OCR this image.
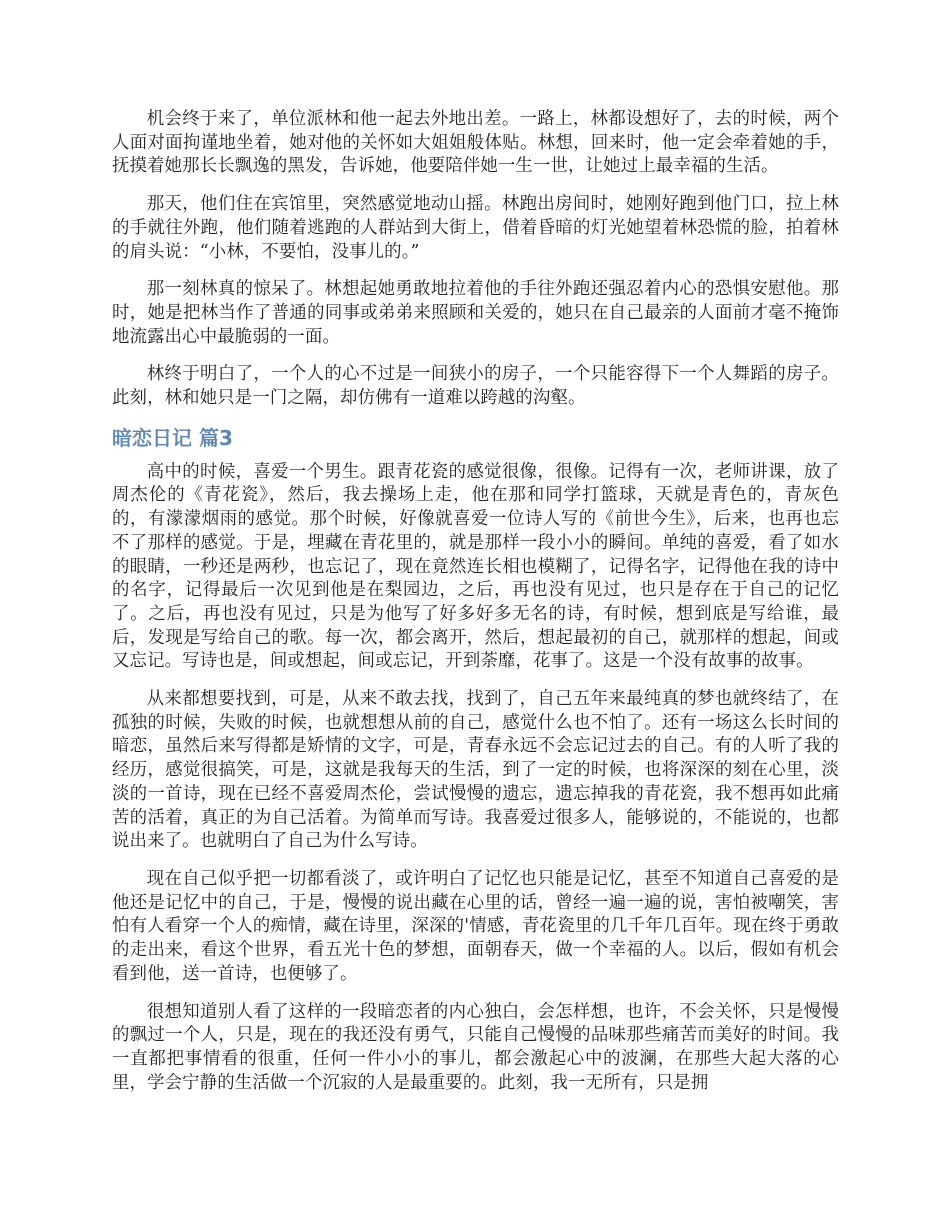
机会终于来了，单位派林和他一起去外地出差。一路上，林都设想好了，去的时候，两个人面对面拘谨地坐着，她对他的关怀如大姐姐般体贴。林想，回来时，他一定会牵着她的手，抚摸着她那长长飘逸的黑发，告诉她，他要陪伴她一生一世，让她过上最幸福的生活。

那天，他们住在宾馆里，突然感觉地动山摇。林跑出房间时，她刚好跑到他门口，拉上林的手就往外跑，他们随着逃跑的人群站到大街上，借着昏暗的灯光她望着林恐慌的脸，拍着林的肩头说：“小林，不要怕，没事儿的。”

那一刻林真的惊呆了。林想起她勇敢地拉着他的手往外跑还强忍着内心的恐惧安慰他。那时，她是把林当作了普通的同事或弟弟来照顾和关爱的，她只在自己最亲的人面前才毫不掩饰地流露出心中最脆弱的一面。

林终于明白了，一个人的心不过是一间狭小的房子，一个只能容得下一个人舞蹈的房子。此刻，林和她只是一门之隔，却仿佛有一道难以跨越的沟壑。

暗恋日记 篇3

高中的时候，喜爱一个男生。跟青花瓷的感觉很像，很像。记得有一次，老师讲课，放了周杰伦的《青花瓷》，然后，我去操场上走，他在那和同学打篮球，天就是青色的，青灰色的，有濛濛烟雨的感觉。那个时候，好像就喜爱一位诗人写的《前世今生》，后来，也再也忘不了那样的感觉。于是，埋藏在青花里的，就是那样一段小小的瞬间。单纯的喜爱，看了如水的眼睛，一秒还是两秒，也忘记了，现在竟然连长相也模糊了，记得名字，记得他在我的诗中的名字，记得最后一次见到他是在梨园边，之后，再也没有见过，也只是存在于自己的记忆了。之后，再也没有见过，只是为他写了好多好多无名的诗，有时候，想到底是写给谁，最后，发现是写给自己的歌。每一次，都会离开，然后，想起最初的自己，就那样的想起，间或又忘记。写诗也是，间或想起，间或忘记，开到荼靡，花事了。这是一个没有故事的故事。

从来都想要找到，可是，从来不敢去找，找到了，自己五年来最纯真的梦也就终结了，在孤独的时候，失败的时候，也就想想从前的自己，感觉什么也不怕了。还有一场这么长时间的暗恋，虽然后来写得都是矫情的文字，可是，青春永远不会忘记过去的自己。有的人听了我的经历，感觉很搞笑，可是，这就是我每天的生活，到了一定的时候，也将深深的刻在心里，淡淡的一首诗，现在已经不喜爱周杰伦，尝试慢慢的遗忘，遗忘掉我的青花瓷，我不想再如此痛苦的活着，真正的为自己活着。为简单而写诗。我喜爱过很多人，能够说的，不能说的，也都说出来了。也就明白了自己为什么写诗。

现在自己似乎把一切都看淡了，或许明白了记忆也只能是记忆，甚至不知道自己喜爱的是他还是记忆中的自己，于是，慢慢的说出藏在心里的话，曾经一遍一遍的说，害怕被嘲笑，害怕有人看穿一个人的痴情，藏在诗里，深深的'情感，青花瓷里的几千年几百年。现在终于勇敢的走出来，看这个世界，看五光十色的梦想，面朝春天，做一个幸福的人。以后，假如有机会看到他，送一首诗，也便够了。

很想知道别人看了这样的一段暗恋者的内心独白，会怎样想，也许，不会关怀，只是慢慢的飘过一个人，只是，现在的我还没有勇气，只能自己慢慢的品味那些痛苦而美好的时间。我一直都把事情看的很重，任何一件小小的事儿，都会激起心中的波澜，在那些大起大落的心里，学会宁静的生活做一个沉寂的人是最重要的。此刻，我一无所有，只是拥
